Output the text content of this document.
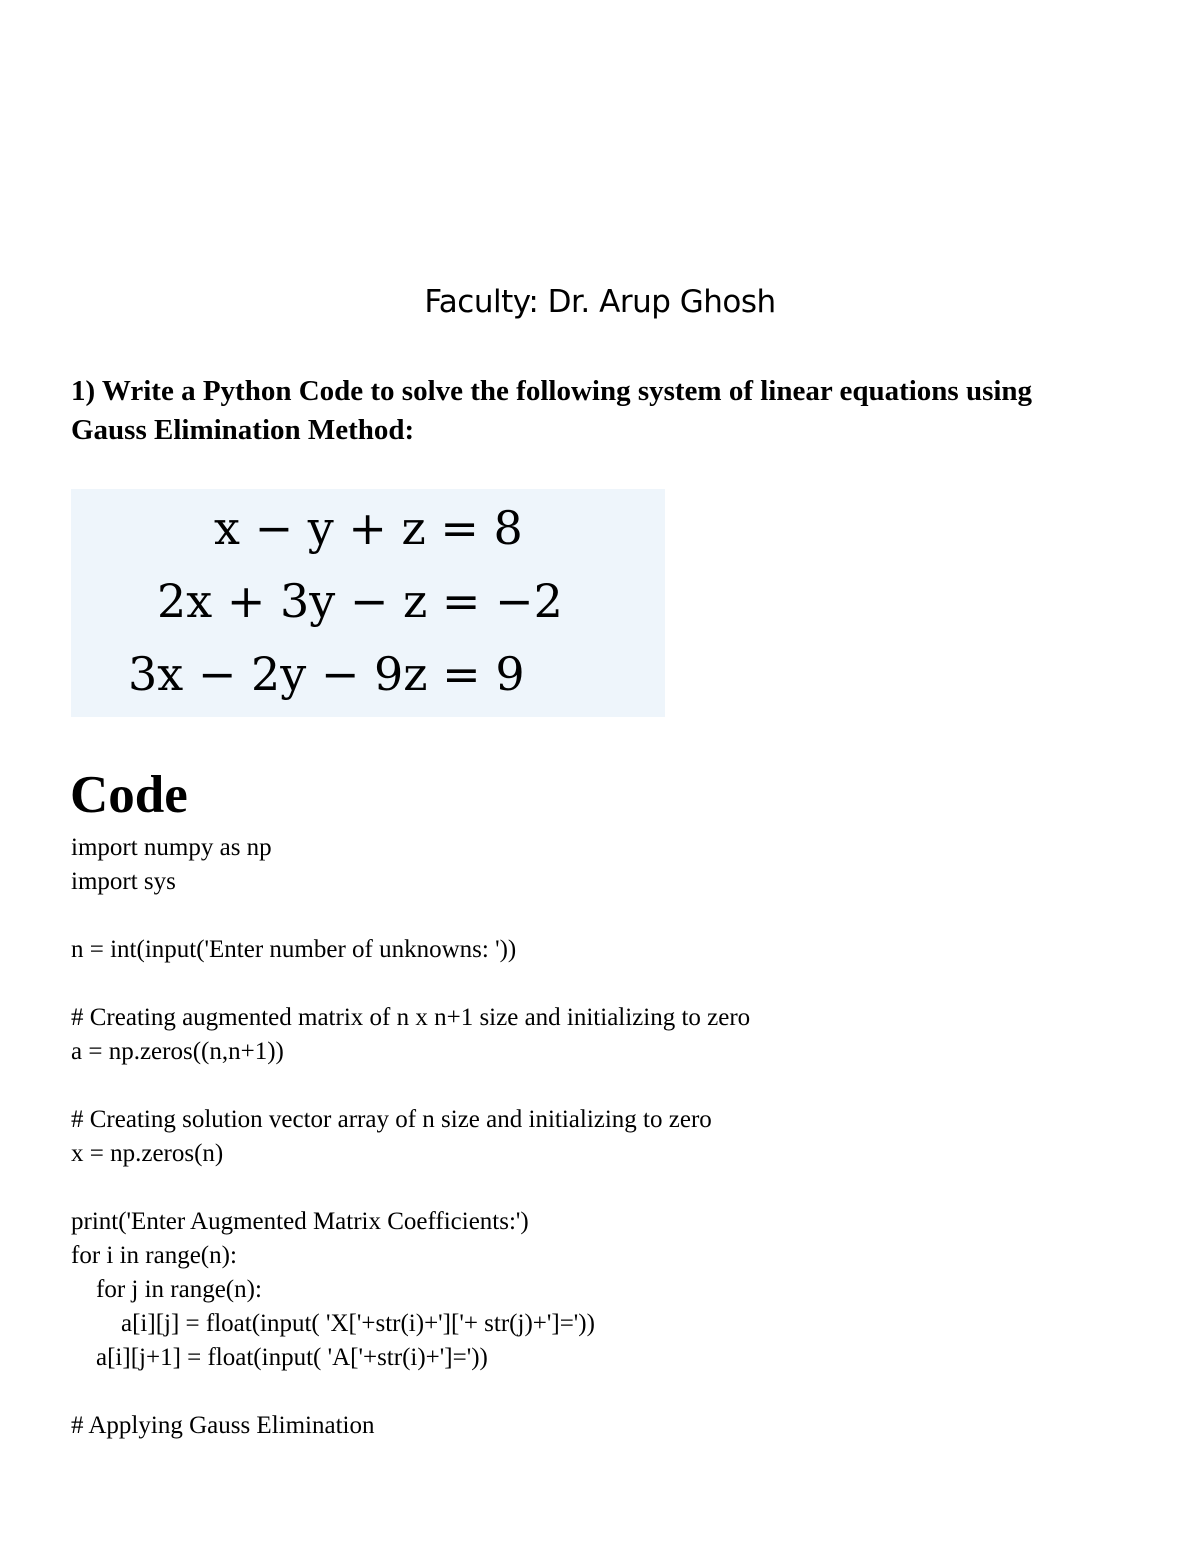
Faculty: Dr. Arup Ghosh
1) Write a Python Code to solve the following system of linear equations using
Gauss Elimination Method:
x − y + z = 8
2x + 3y − z = −2
3x − 2y − 9z = 9
Code
import numpy as np
import sys
n = int(input('Enter number of unknowns: '))
# Creating augmented matrix of n x n+1 size and initializing to zero
a = np.zeros((n,n+1))
# Creating solution vector array of n size and initializing to zero
x = np.zeros(n)
print('Enter Augmented Matrix Coefficients:')
for i in range(n):
for j in range(n):
a[i][j] = float(input( 'X['+str(i)+']['+ str(j)+']='))
a[i][j+1] = float(input( 'A['+str(i)+']='))
# Applying Gauss Elimination
